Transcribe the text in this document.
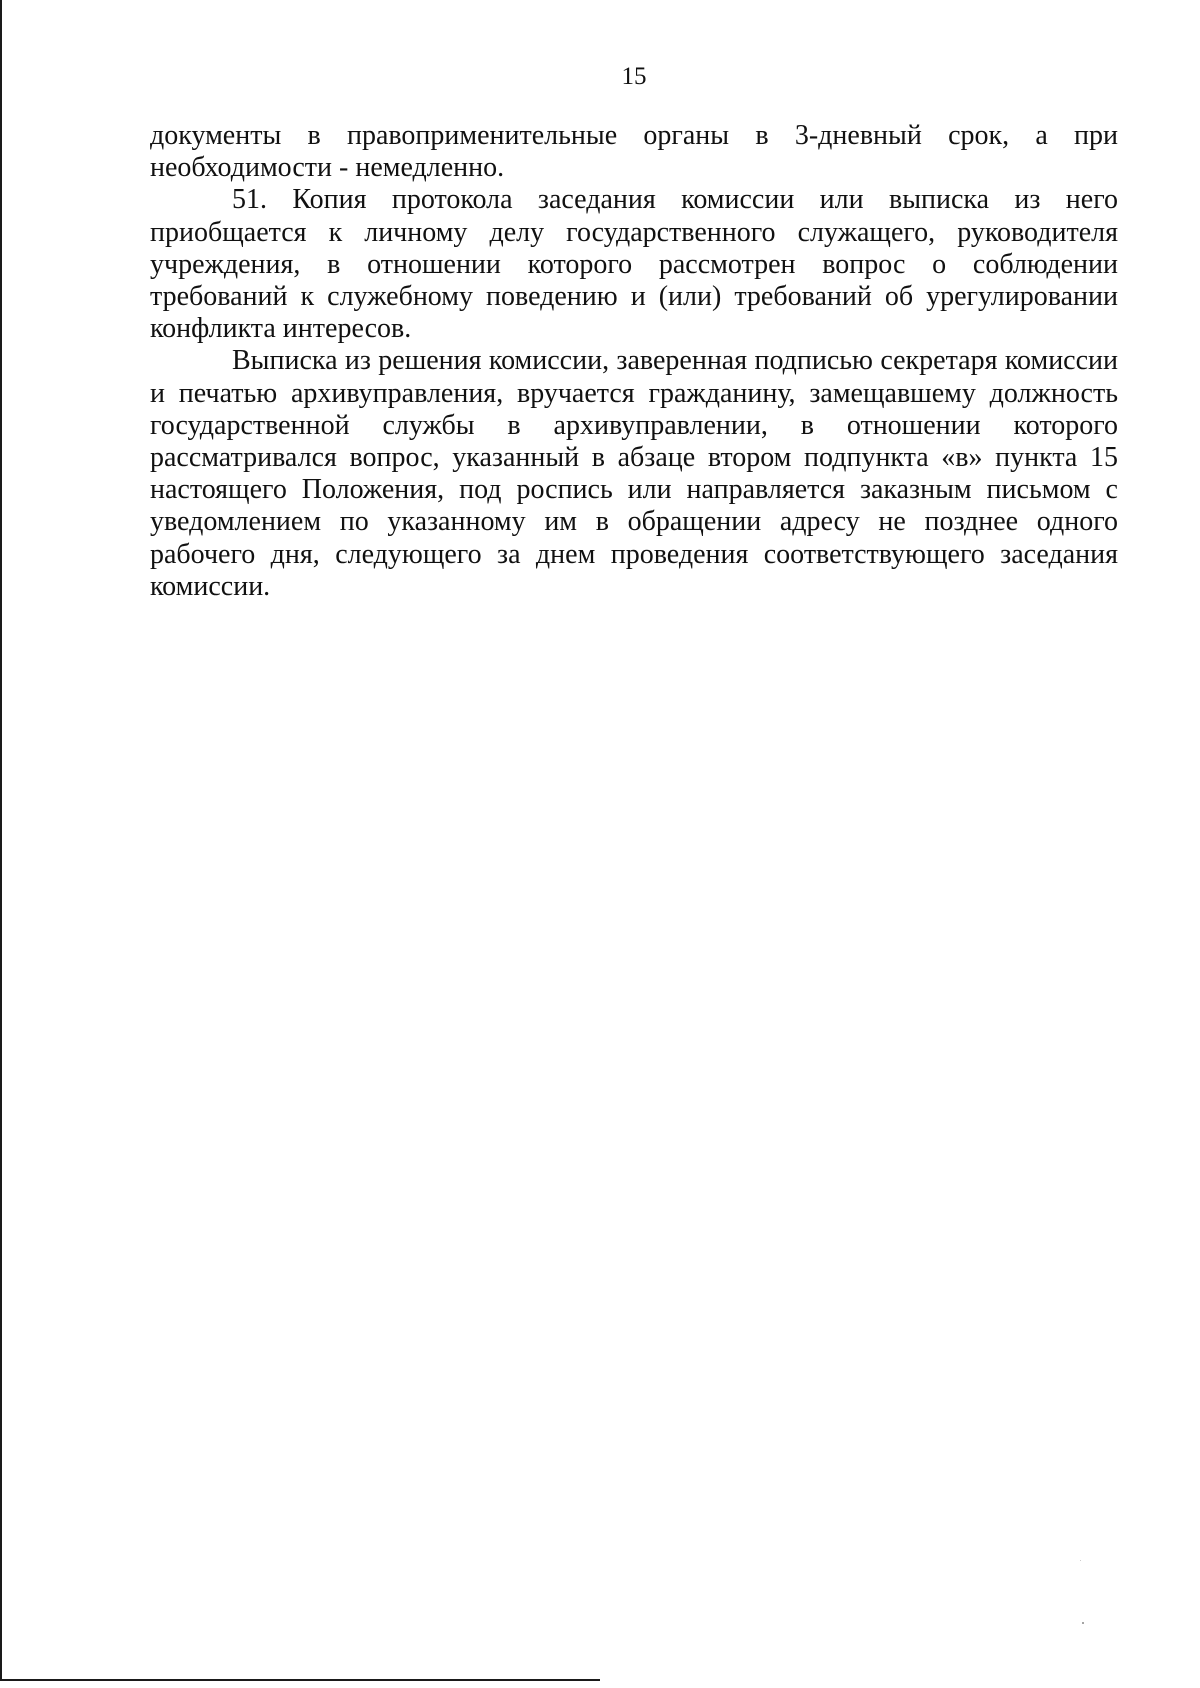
15

документы в правоприменительные органы в 3-дневный срок, а при необходимости - немедленно.

51. Копия протокола заседания комиссии или выписка из него приобщается к личному делу государственного служащего, руководителя учреждения, в отношении которого рассмотрен вопрос о соблюдении требований к служебному поведению и (или) требований об урегулировании конфликта интересов.

Выписка из решения комиссии, заверенная подписью секретаря комиссии и печатью архивуправления, вручается гражданину, замещавшему должность государственной службы в архивуправлении, в отношении которого рассматривался вопрос, указанный в абзаце втором подпункта «в» пункта 15 настоящего Положения, под роспись или направляется заказным письмом с уведомлением по указанному им в обращении адресу не позднее одного рабочего дня, следующего за днем проведения соответствующего заседания комиссии.
